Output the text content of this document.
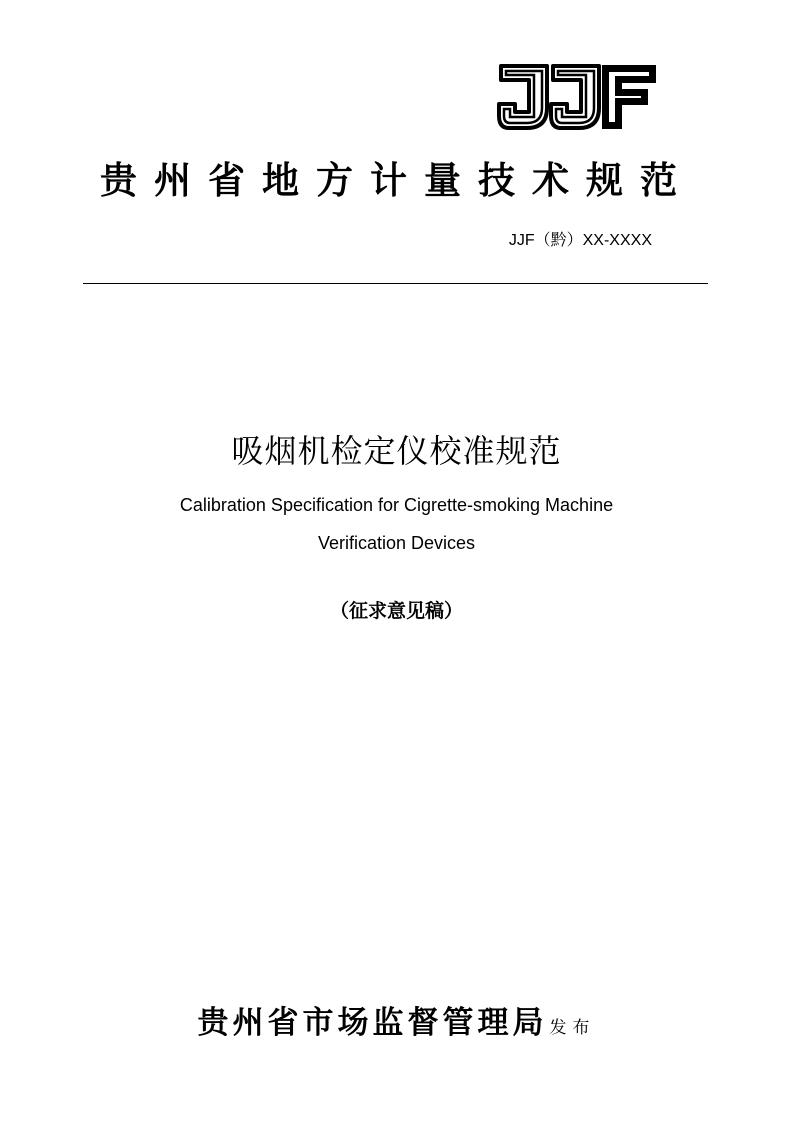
贵州省地方计量技术规范
JJF（黔）XX-XXXX
吸烟机检定仪校准规范
Calibration Specification for Cigrette-smoking Machine
Verification Devices
（征求意见稿）
贵州省市场监督管理局 发布
